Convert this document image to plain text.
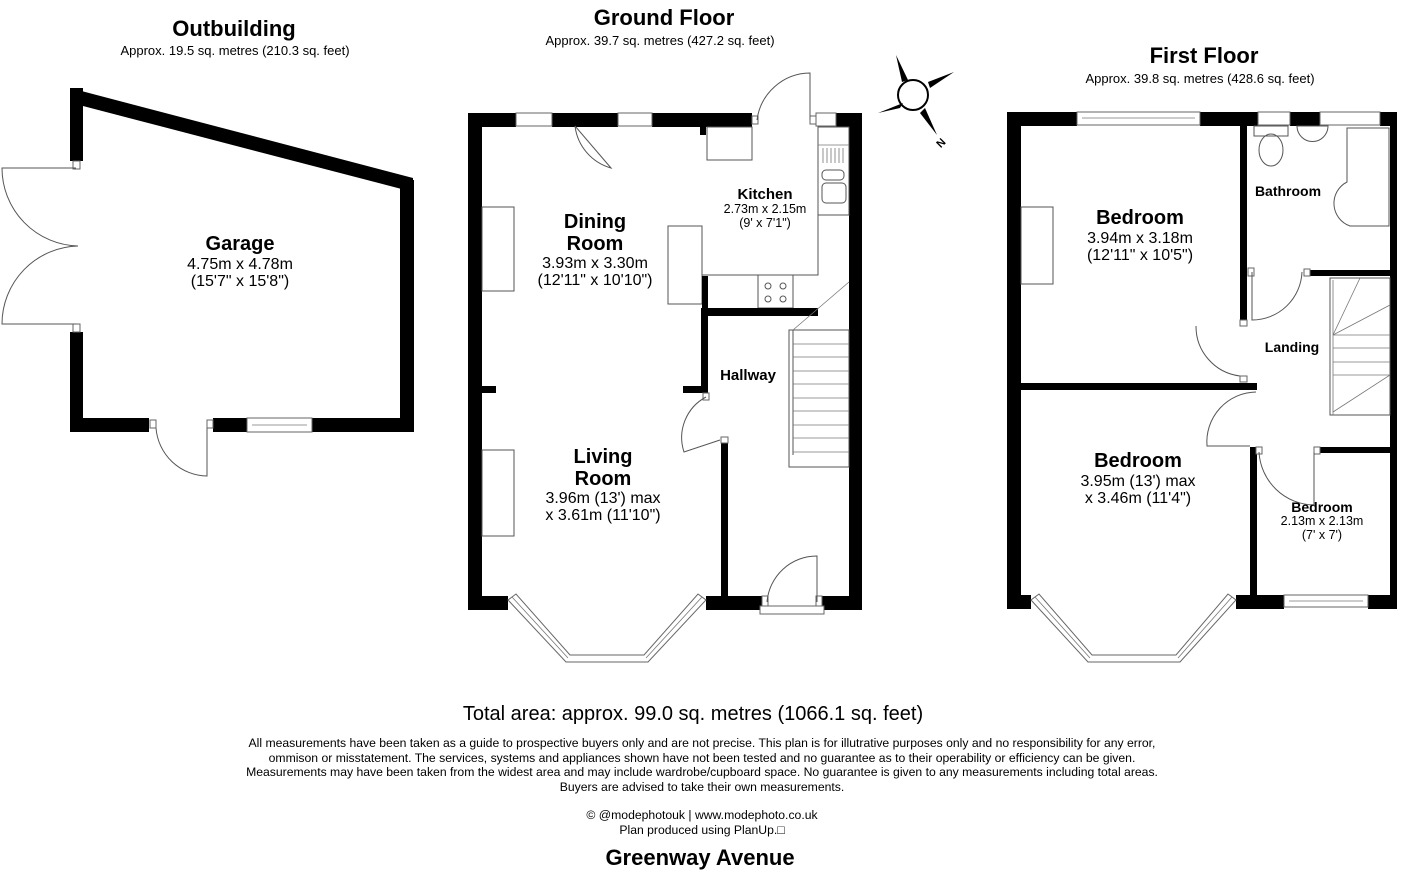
N
Outbuilding
Approx. 19.5 sq. metres (210.3 sq. feet)
Ground Floor
Approx. 39.7 sq. metres (427.2 sq. feet)
First Floor
Approx. 39.8 sq. metres (428.6 sq. feet)
Garage
4.75m x 4.78m
(15'7" x 15'8")
Kitchen
2.73m x 2.15m
(9' x 7'1")
Dining
Room
3.93m x 3.30m
(12'11" x 10'10")
Hallway
Living
Room
3.96m (13') max
x 3.61m (11'10")
Bedroom
3.94m x 3.18m
(12'11" x 10'5")
Bathroom
Landing
Bedroom
3.95m (13') max
x 3.46m (11'4")
Bedroom
2.13m x 2.13m
(7' x 7')
Total area: approx. 99.0 sq. metres (1066.1 sq. feet)
All measurements have been taken as a guide to prospective buyers only and are not precise. This plan is for illutrative purposes only and no responsibility for any error,
ommison or misstatement. The services, systems and appliances shown have not been tested and no guarantee as to their operability or efficiency can be given.
Measurements may have been taken from the widest area and may include wardrobe/cupboard space. No guarantee is given to any measurements including total areas.
Buyers are advised to take their own measurements.
© @modephotouk | www.modephoto.co.uk
Plan produced using PlanUp.□
Greenway Avenue
